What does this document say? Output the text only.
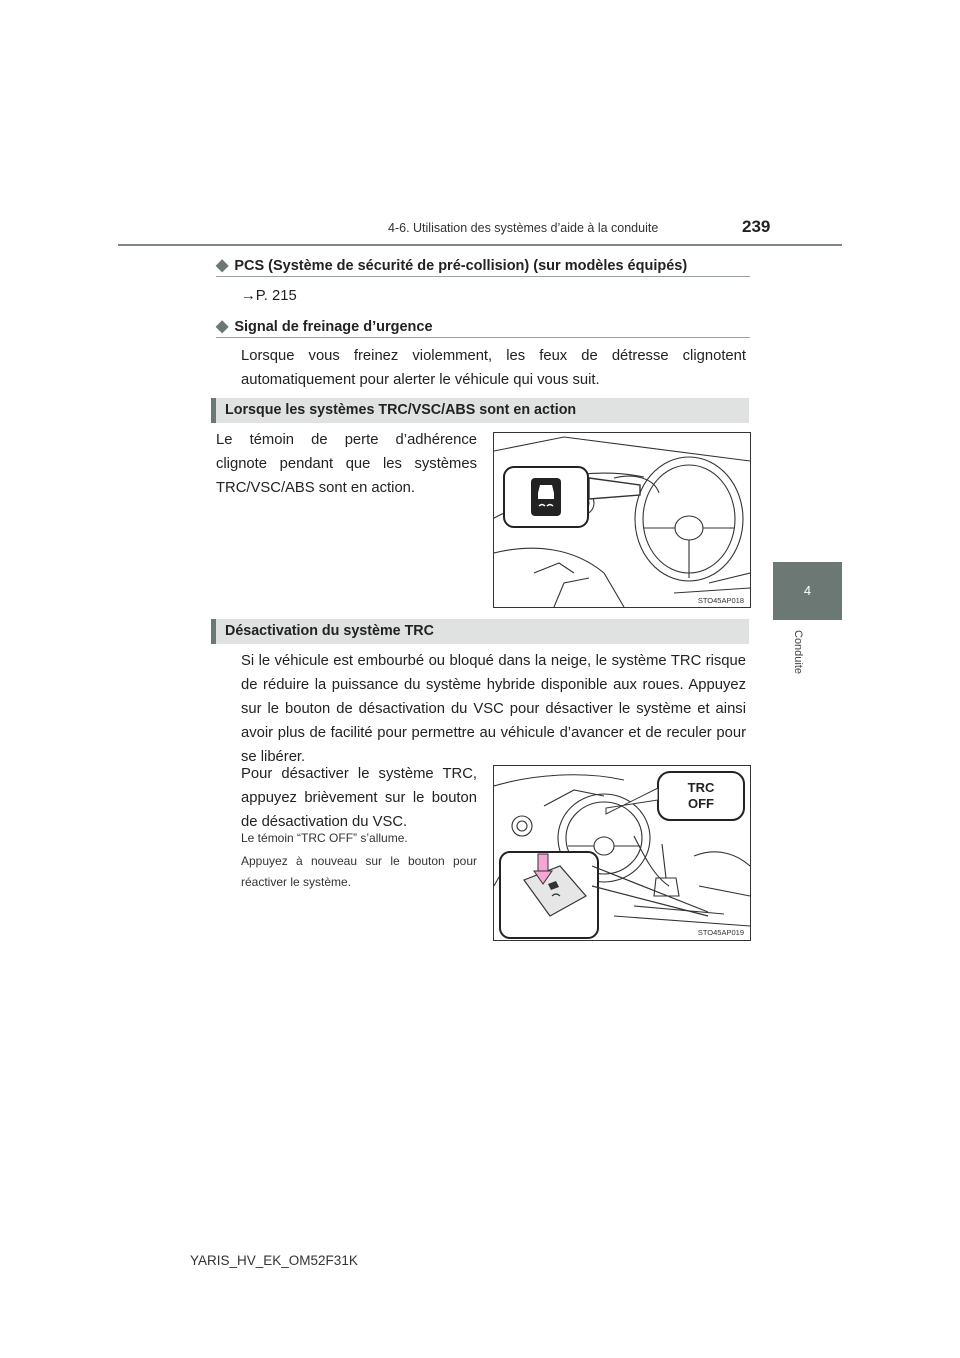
4-6. Utilisation des systèmes d’aide à la conduite	239
4
Conduite
◆ PCS (Système de sécurité de pré-collision) (sur modèles équipés)
→P. 215
◆ Signal de freinage d’urgence
Lorsque vous freinez violemment, les feux de détresse clignotent automatiquement pour alerter le véhicule qui vous suit.
Lorsque les systèmes TRC/VSC/ABS sont en action
Le témoin de perte d’adhérence clignote pendant que les systèmes TRC/VSC/ABS sont en action.
STO45AP018
Désactivation du système TRC
Si le véhicule est embourbé ou bloqué dans la neige, le système TRC risque de réduire la puissance du système hybride disponible aux roues. Appuyez sur le bouton de désactivation du VSC pour désactiver le système et ainsi avoir plus de facilité pour permettre au véhicule d’avancer et de reculer pour se libérer.
Pour désactiver le système TRC, appuyez brièvement sur le bouton de désactivation du VSC.
Le témoin “TRC OFF” s’allume.
Appuyez à nouveau sur le bouton pour réactiver le système.
TRC
OFF
STO45AP019
YARIS_HV_EK_OM52F31K
